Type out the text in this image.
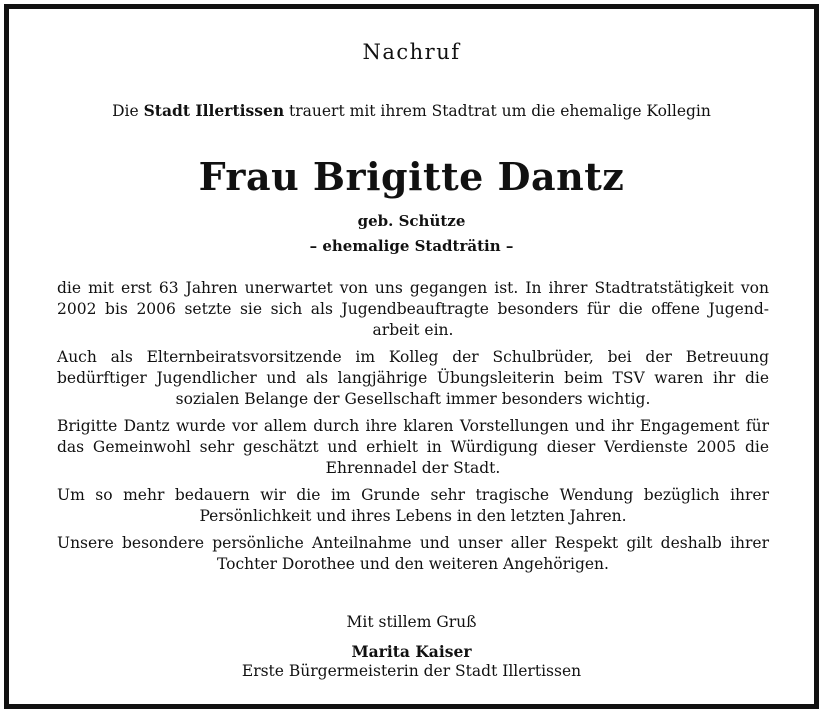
Nachruf
Die Stadt Illertissen trauert mit ihrem Stadtrat um die ehemalige Kollegin
Frau Brigitte Dantz
geb. Schütze
– ehemalige Stadträtin –

die mit erst 63 Jahren unerwartet von uns gegangen ist. In ihrer Stadtratstätigkeit von 2002 bis 2006 setzte sie sich als Jugendbeauftragte besonders für die offene Jugend-arbeit ein.

Auch als Elternbeiratsvorsitzende im Kolleg der Schulbrüder, bei der Betreuung bedürftiger Jugendlicher und als langjährige Übungsleiterin beim TSV waren ihr die sozialen Belange der Gesellschaft immer besonders wichtig.

Brigitte Dantz wurde vor allem durch ihre klaren Vorstellungen und ihr Engagement für das Gemeinwohl sehr geschätzt und erhielt in Würdigung dieser Verdienste 2005 die Ehrennadel der Stadt.

Um so mehr bedauern wir die im Grunde sehr tragische Wendung bezüglich ihrer Persönlichkeit und ihres Lebens in den letzten Jahren.

Unsere besondere persönliche Anteilnahme und unser aller Respekt gilt deshalb ihrer Tochter Dorothee und den weiteren Angehörigen.

Mit stillem Gruß
Marita Kaiser
Erste Bürgermeisterin der Stadt Illertissen
